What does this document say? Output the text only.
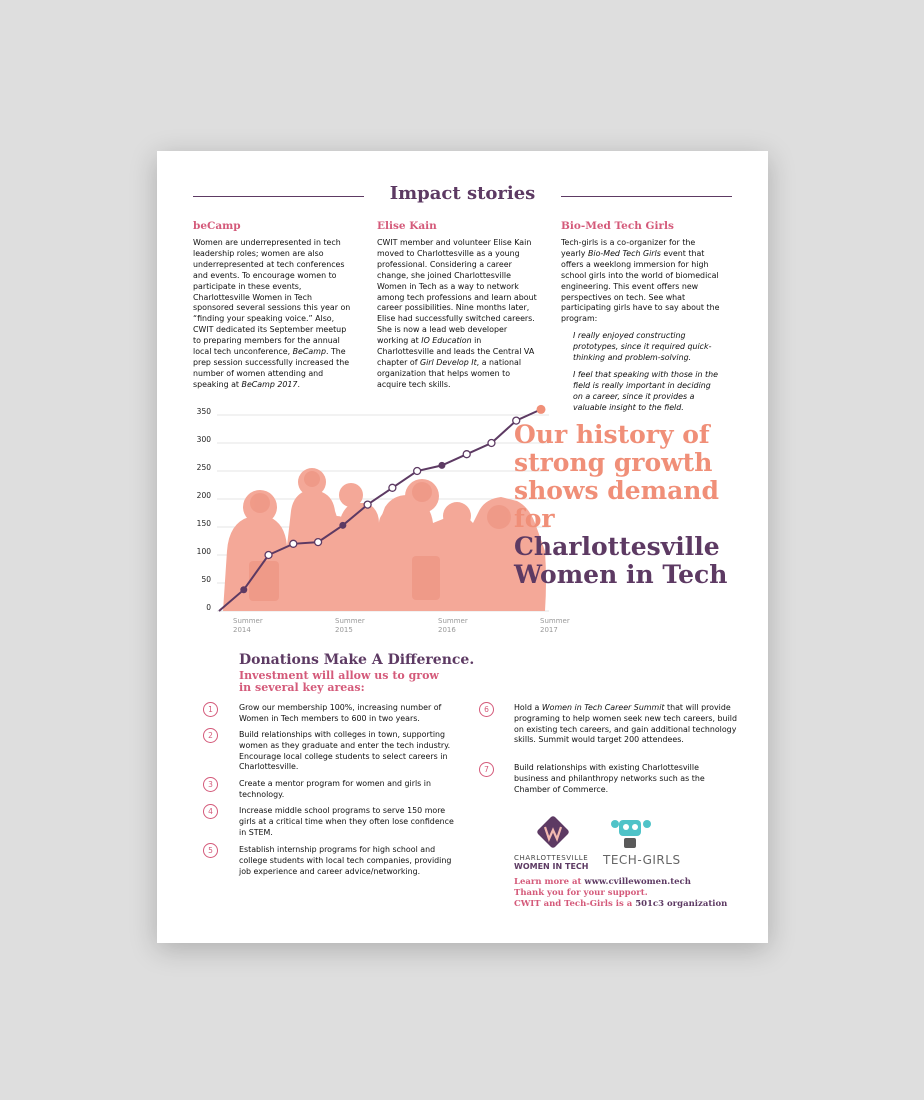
Impact stories
beCamp

Women are underrepresented in tech leadership roles; women are also underrepresented at tech conferences and events. To encourage women to participate in these events, Charlottesville Women in Tech sponsored several sessions this year on “finding your speaking voice.” Also, CWIT dedicated its September meetup to preparing members for the annual local tech unconference, BeCamp. The prep session successfully increased the number of women attending and speaking at BeCamp 2017.

Elise Kain

CWIT member and volunteer Elise Kain moved to Charlottesville as a young professional. Considering a career change, she joined Charlottesville Women in Tech as a way to network among tech professions and learn about career possibilities. Nine months later, Elise had successfully switched careers. She is now a lead web developer working at IO Education in Charlottesville and leads the Central VA chapter of Girl Develop It, a national organization that helps women to acquire tech skills.

Bio-Med Tech Girls

Tech-girls is a co-organizer for the yearly Bio-Med Tech Girls event that offers a weeklong immersion for high school girls into the world of biomedical engineering. This event offers new perspectives on tech. See what participating girls have to say about the program:

I really enjoyed constructing prototypes, since it required quick-thinking and problem-solving.

I feel that speaking with those in the field is really important in deciding on a career, since it provides a valuable insight to the field.

350
300
250
200
150
100
50
0
Summer 2014
Summer 2015
Summer 2016
Summer 2017
Our history of
strong growth
shows demand
for
Charlottesville
Women in Tech
Donations Make A Difference.
Investment will allow us to grow in several key areas:
1	Grow our membership 100%, increasing number of Women in Tech members to 600 in two years.
2	Build relationships with colleges in town, supporting women as they graduate and enter the tech industry. Encourage local college students to select careers in Charlottesville.
3	Create a mentor program for women and girls in technology.
4	Increase middle school programs to serve 150 more girls at a critical time when they often lose confidence in STEM.
5	Establish internship programs for high school and college students with local tech companies, providing job experience and career advice/networking.
6	Hold a Women in Tech Career Summit that will provide programing to help women seek new tech careers, build on existing tech careers, and gain additional technology skills. Summit would target 200 attendees.
7	Build relationships with existing Charlottesville business and philanthropy networks such as the Chamber of Commerce.
CHARLOTTESVILLE
WOMEN IN TECH TECH-GIRLS
Learn more at www.cvillewomen.tech
Thank you for your support.
CWIT and Tech-Girls is a 501c3 organization
